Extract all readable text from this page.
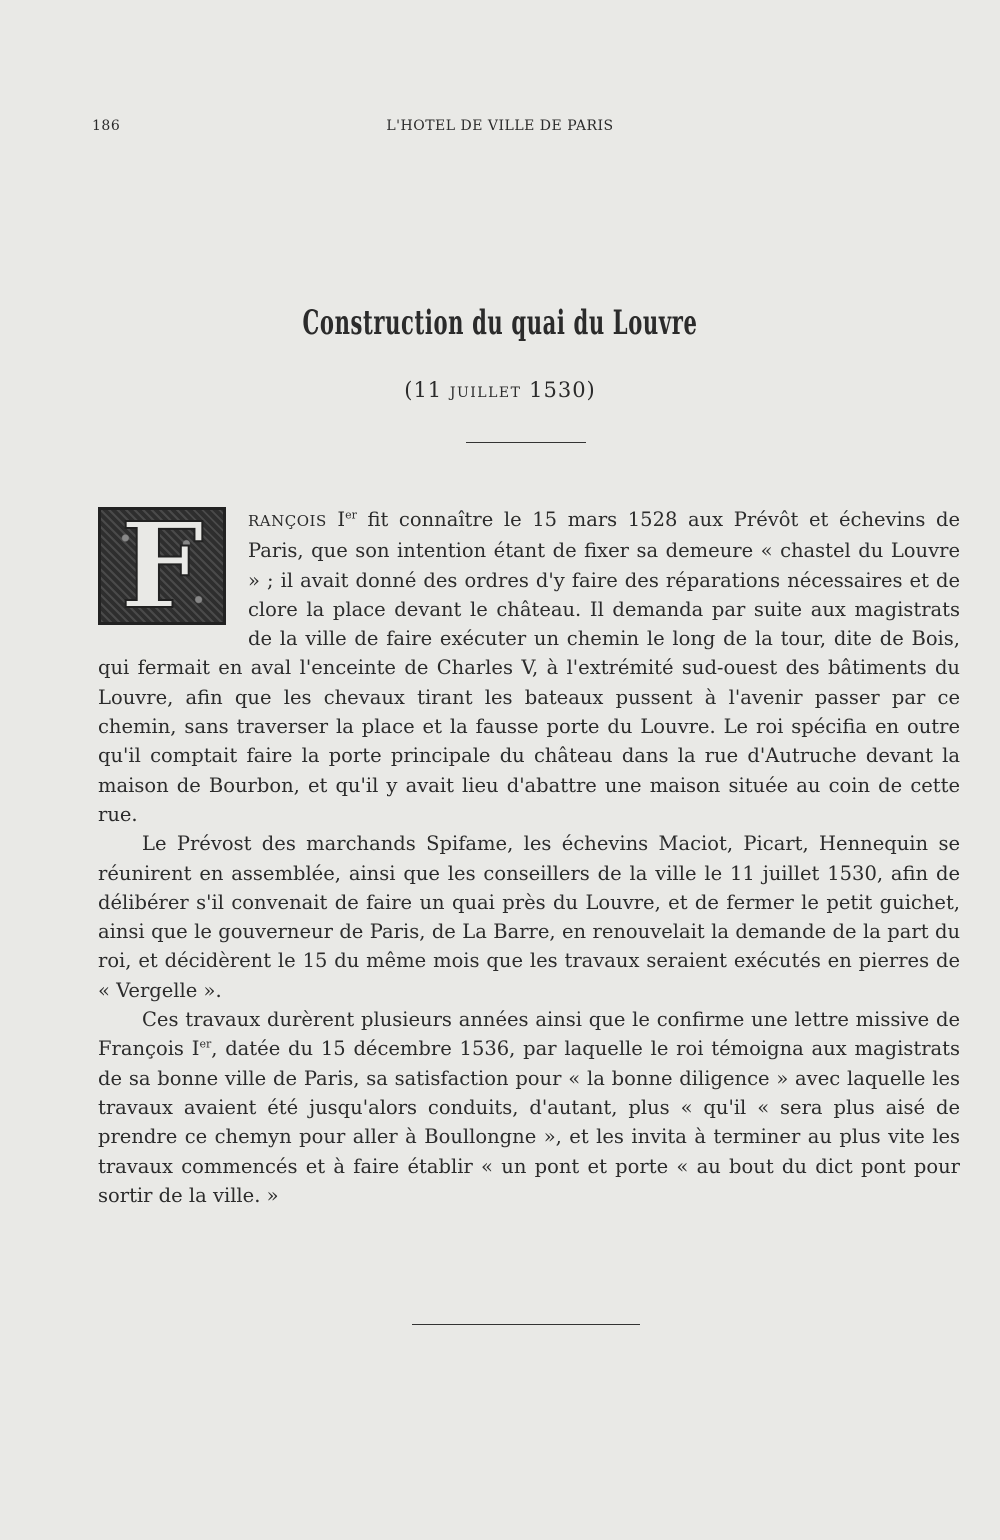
186	L'HOTEL DE VILLE DE PARIS
Construction du quai du Louvre
(11 JUILLET 1530)

F	RANÇOIS Ier fit connaître le 15 mars 1528 aux Prévôt et échevins de Paris, que son intention étant de fixer sa demeure « chastel du Louvre » ; il avait donné des ordres d'y faire des réparations nécessaires et de clore la place devant le château. Il demanda par suite aux magistrats de la ville de faire exécuter un chemin le long de la tour, dite de Bois, qui fermait en aval l'enceinte de Charles V, à l'extrémité sud-ouest des bâtiments du Louvre, afin que les chevaux tirant les bateaux pussent à l'avenir passer par ce chemin, sans traverser la place et la fausse porte du Louvre. Le roi spécifia en outre qu'il comptait faire la porte principale du château dans la rue d'Autruche devant la maison de Bourbon, et qu'il y avait lieu d'abattre une maison située au coin de cette rue.

Le Prévost des marchands Spifame, les échevins Maciot, Picart, Hennequin se réunirent en assemblée, ainsi que les conseillers de la ville le 11 juillet 1530, afin de délibérer s'il convenait de faire un quai près du Louvre, et de fermer le petit guichet, ainsi que le gouverneur de Paris, de La Barre, en renouvelait la demande de la part du roi, et décidèrent le 15 du même mois que les travaux seraient exécutés en pierres de « Vergelle ».

Ces travaux durèrent plusieurs années ainsi que le confirme une lettre missive de François Ier, datée du 15 décembre 1536, par laquelle le roi témoigna aux magistrats de sa bonne ville de Paris, sa satisfaction pour « la bonne diligence » avec laquelle les travaux avaient été jusqu'alors conduits, d'autant, plus « qu'il « sera plus aisé de prendre ce chemyn pour aller à Boullongne », et les invita à terminer au plus vite les travaux commencés et à faire établir « un pont et porte « au bout du dict pont pour sortir de la ville. »
